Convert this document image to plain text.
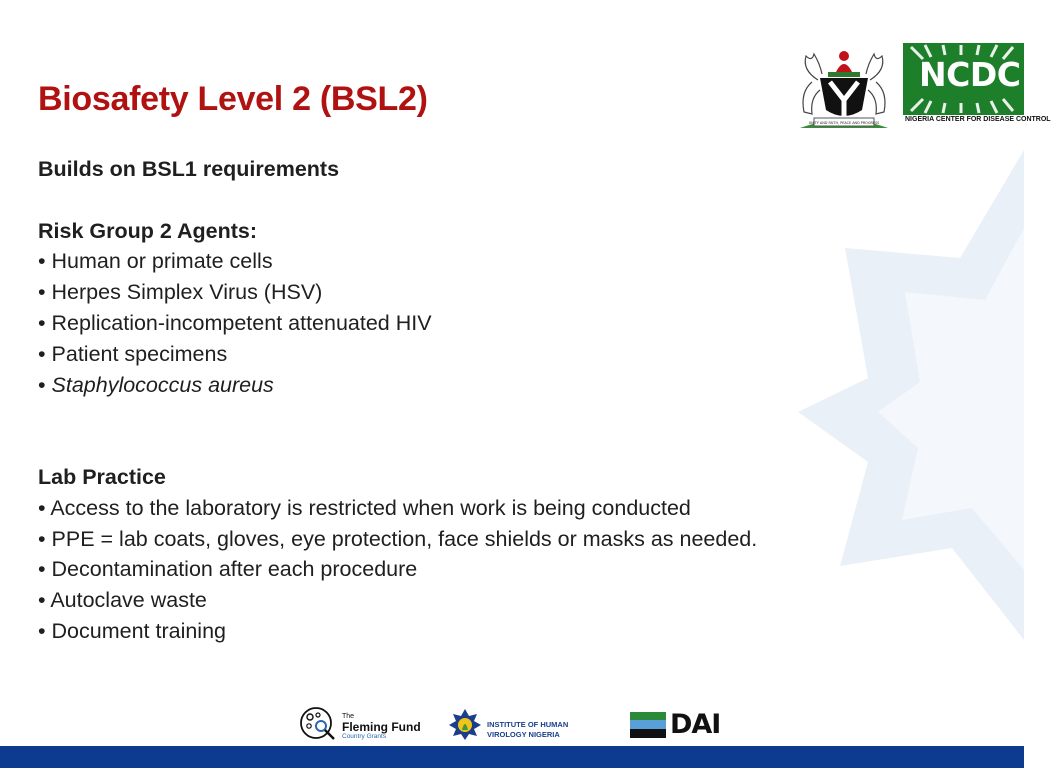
Biosafety Level 2 (BSL2)

Builds on BSL1 requirements

Risk Group 2 Agents:

• Human or primate cells

• Herpes Simplex Virus (HSV)

• Replication-incompetent attenuated HIV

• Patient specimens

• Staphylococcus aureus

Lab Practice

• Access to the laboratory is restricted when work is being conducted

• PPE = lab coats, gloves, eye protection, face shields or masks as needed.

• Decontamination after each procedure

• Autoclave waste

• Document training

UNITY AND FAITH, PEACE AND PROGRESS
NCDC
NIGERIA CENTER FOR DISEASE CONTROL
The
Fleming Fund
Country Grants
INSTITUTE OF HUMAN
VIROLOGY NIGERIA	DAI
